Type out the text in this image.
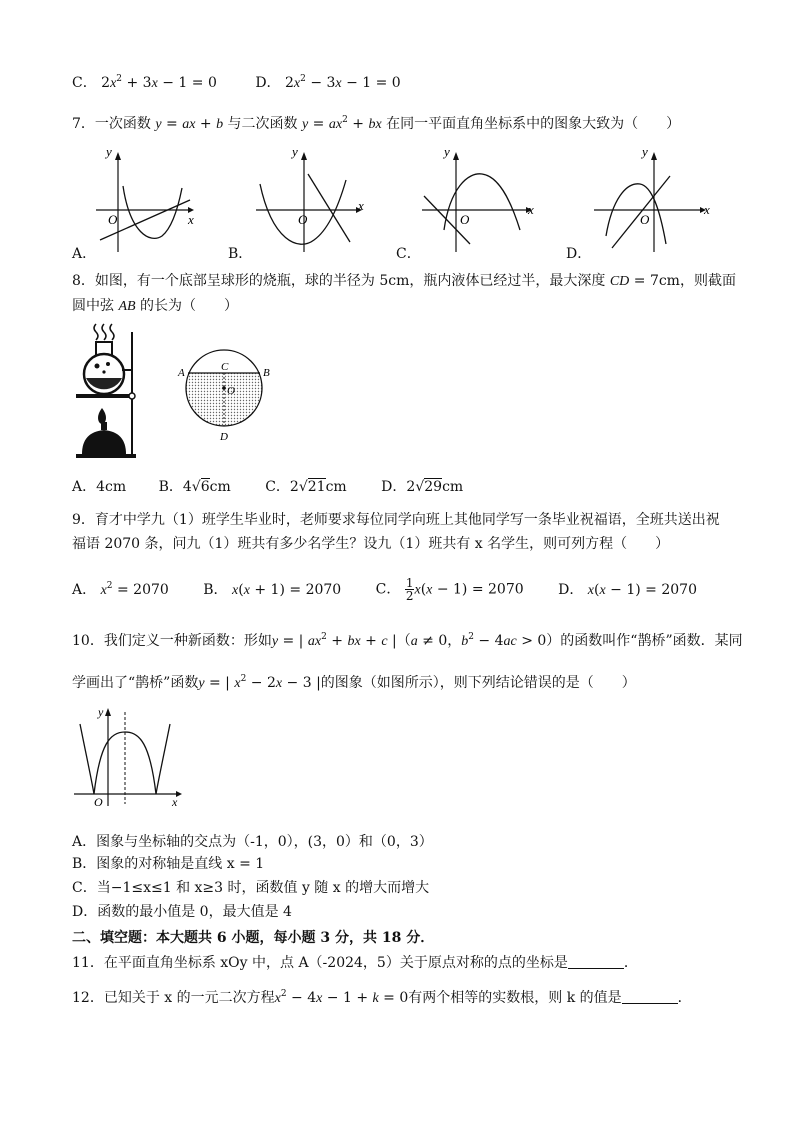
C． $2x^2 + 3x - 1 = 0$	D． $2x^2 - 3x - 1 = 0$
7．一次函数 y = ax + b 与二次函数 $y = ax^2$ + bx 在同一平面直角坐标系中的图象大致为（　　）
y
x
O
A．
y
x
O
B．
y
x
O
C．
y
x
O
D．
8．如图，有一个底部呈球形的烧瓶，球的半径为 5cm，瓶内液体已经过半，最大深度 CD = 7cm，则截面
圆中弦 AB 的长为（　　）
A	B
C
O
D
A．4cm B．4√6cm C．2√21cm D．2√29cm
9．育才中学九（1）班学生毕业时，老师要求每位同学向班上其他同学写一条毕业祝福语，全班共送出祝
福语 2070 条，问九（1）班共有多少名学生？设九（1）班共有 x 名学生，则可列方程（　　）
A． $x^2 = 2070$ B． x(x + 1) = 2070 C． $\frac{1}{2} x(x - 1) = 2070$ D． x(x − 1) = 2070
10．我们定义一种新函数：形如y = | $ax^2$ + bx + c |（a ≠ 0，$b^2 - 4ac > 0$）的函数叫作“鹊桥”函数．某同
学画出了“鹊桥”函数y = | $x^2 - 2x - 3$ |的图象（如图所示），则下列结论错误的是（　　）
y
x
O
A．图象与坐标轴的交点为（-1，0），(3，0）和（0，3）
B．图象的对称轴是直线 x = 1
C．当−1≤x≤1 和 x≥3 时，函数值 y 随 x 的增大而增大
D．函数的最小值是 0，最大值是 4
二、填空题：本大题共 6 小题，每小题 3 分，共 18 分．
11．在平面直角坐标系 xOy 中，点 A（-2024，5）关于原点对称的点的坐标是	．
12．已知关于 x 的一元二次方程$x^2 - 4x - 1 + k = 0$有两个相等的实数根，则 k 的值是	．
